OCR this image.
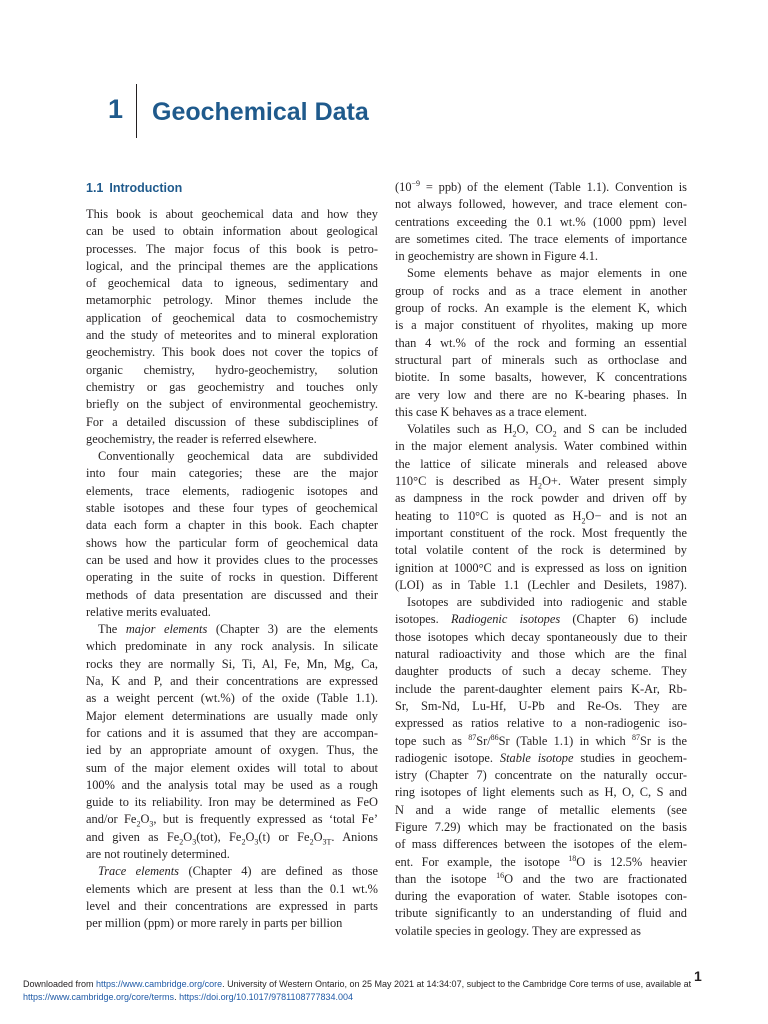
1 Geochemical Data
1.1 Introduction
This book is about geochemical data and how they
can be used to obtain information about geological
processes. The major focus of this book is petro-
logical, and the principal themes are the applications
of geochemical data to igneous, sedimentary and
metamorphic petrology. Minor themes include the
application of geochemical data to cosmochemistry
and the study of meteorites and to mineral exploration
geochemistry. This book does not cover the topics of
organic chemistry, hydro-geochemistry, solution
chemistry or gas geochemistry and touches only
briefly on the subject of environmental geochemistry.
For a detailed discussion of these subdisciplines of
geochemistry, the reader is referred elsewhere.
Conventionally geochemical data are subdivided
into four main categories; these are the major
elements, trace elements, radiogenic isotopes and
stable isotopes and these four types of geochemical
data each form a chapter in this book. Each chapter
shows how the particular form of geochemical data
can be used and how it provides clues to the processes
operating in the suite of rocks in question. Different
methods of data presentation are discussed and their
relative merits evaluated.
The major elements (Chapter 3) are the elements
which predominate in any rock analysis. In silicate
rocks they are normally Si, Ti, Al, Fe, Mn, Mg, Ca,
Na, K and P, and their concentrations are expressed
as a weight percent (wt.%) of the oxide (Table 1.1).
Major element determinations are usually made only
for cations and it is assumed that they are accompan-
ied by an appropriate amount of oxygen. Thus, the
sum of the major element oxides will total to about
100% and the analysis total may be used as a rough
guide to its reliability. Iron may be determined as FeO
and/or $Fe_2O_3$, but is frequently expressed as ‘total Fe’
and given as $Fe_2O_3(tot)$, $Fe_2O_3(t)$ or $Fe_2O_{3T}$. Anions
are not routinely determined.
Trace elements (Chapter 4) are defined as those
elements which are present at less than the 0.1 wt.%
level and their concentrations are expressed in parts
per million (ppm) or more rarely in parts per billion
$(10^{-9} = ppb)$ of the element (Table 1.1). Convention is
not always followed, however, and trace element con-
centrations exceeding the 0.1 wt.% (1000 ppm) level
are sometimes cited. The trace elements of importance
in geochemistry are shown in Figure 4.1.
Some elements behave as major elements in one
group of rocks and as a trace element in another
group of rocks. An example is the element K, which
is a major constituent of rhyolites, making up more
than 4 wt.% of the rock and forming an essential
structural part of minerals such as orthoclase and
biotite. In some basalts, however, K concentrations
are very low and there are no K-bearing phases. In
this case K behaves as a trace element.
Volatiles such as $H_2O$, $CO_2$ and S can be included
in the major element analysis. Water combined within
the lattice of silicate minerals and released above
110°C is described as $H_2O+$. Water present simply
as dampness in the rock powder and driven off by
heating to 110°C is quoted as $H_2O-$ and is not an
important constituent of the rock. Most frequently the
total volatile content of the rock is determined by
ignition at 1000°C and is expressed as loss on ignition
(LOI) as in Table 1.1 (Lechler and Desilets, 1987).
Isotopes are subdivided into radiogenic and stable
isotopes. Radiogenic isotopes (Chapter 6) include
those isotopes which decay spontaneously due to their
natural radioactivity and those which are the final
daughter products of such a decay scheme. They
include the parent-daughter element pairs K-Ar, Rb-
Sr, Sm-Nd, Lu-Hf, U-Pb and Re-Os. They are
expressed as ratios relative to a non-radiogenic iso-
tope such as $^{87}$Sr/$^{86}$Sr (Table 1.1) in which $^{87}$Sr is the
radiogenic isotope. Stable isotope studies in geochem-
istry (Chapter 7) concentrate on the naturally occur-
ring isotopes of light elements such as H, O, C, S and
N and a wide range of metallic elements (see
Figure 7.29) which may be fractionated on the basis
of mass differences between the isotopes of the elem-
ent. For example, the isotope $^{18}$O is 12.5% heavier
than the isotope $^{16}$O and the two are fractionated
during the evaporation of water. Stable isotopes con-
tribute significantly to an understanding of fluid and
volatile species in geology. They are expressed as
1
Downloaded from https://www.cambridge.org/core. University of Western Ontario, on 25 May 2021 at 14:34:07, subject to the Cambridge Core terms of use, available at
https://www.cambridge.org/core/terms. https://doi.org/10.1017/9781108777834.004
